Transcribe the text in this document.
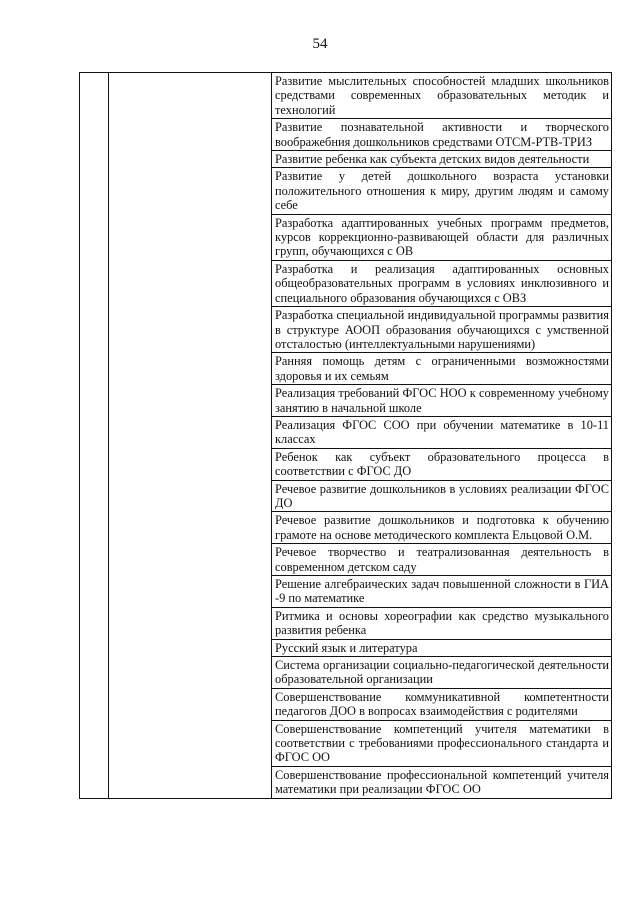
54
		Развитие мыслительных способностей младших школьников средствами современных образовательных методик и технологий
Развитие познавательной активности и творческого воображебния дошкольников средствами ОТСМ-РТВ-ТРИЗ
Развитие ребенка как субъекта детских видов деятельности
Развитие у детей дошкольного возраста установки положительного отношения к миру, другим людям и самому себе
Разработка адаптированных учебных программ предметов, курсов коррекционно-развивающей области для различных групп, обучающихся с ОВ
Разработка и реализация адаптированных основных общеобразовательных программ в условиях инклюзивного и специального образования обучающихся с ОВЗ
Разработка специальной индивидуальной программы развития в структуре АООП образования обучающихся с умственной отсталостью (интеллектуальными нарушениями)
Ранняя помощь детям с ограниченными возможностями здоровья и их семьям
Реализация требований ФГОС НОО к современному учебному занятию в начальной школе
Реализация ФГОС СОО при обучении математике в 10-11 классах
Ребенок как субъект образовательного процесса в соответствии с ФГОС ДО
Речевое развитие дошкольников в условиях реализации ФГОС ДО
Речевое развитие дошкольников и подготовка к обучению грамоте на основе методического комплекта Ельцовой О.М.
Речевое творчество и театрализованная деятельность в современном детском саду
Решение алгебраических задач повышенной сложности в ГИА -9 по математике
Ритмика и основы хореографии как средство музыкального развития ребенка
Русский язык и литература
Система организации социально-педагогической деятельности образовательной организации
Совершенствование коммуникативной компетентности педагогов ДОО в вопросах взаимодействия с родителями
Совершенствование компетенций учителя математики в соответствии с требованиями профессионального стандарта и ФГОС ОО
Совершенствование профессиональной компетенций учителя математики при реализации ФГОС ОО
